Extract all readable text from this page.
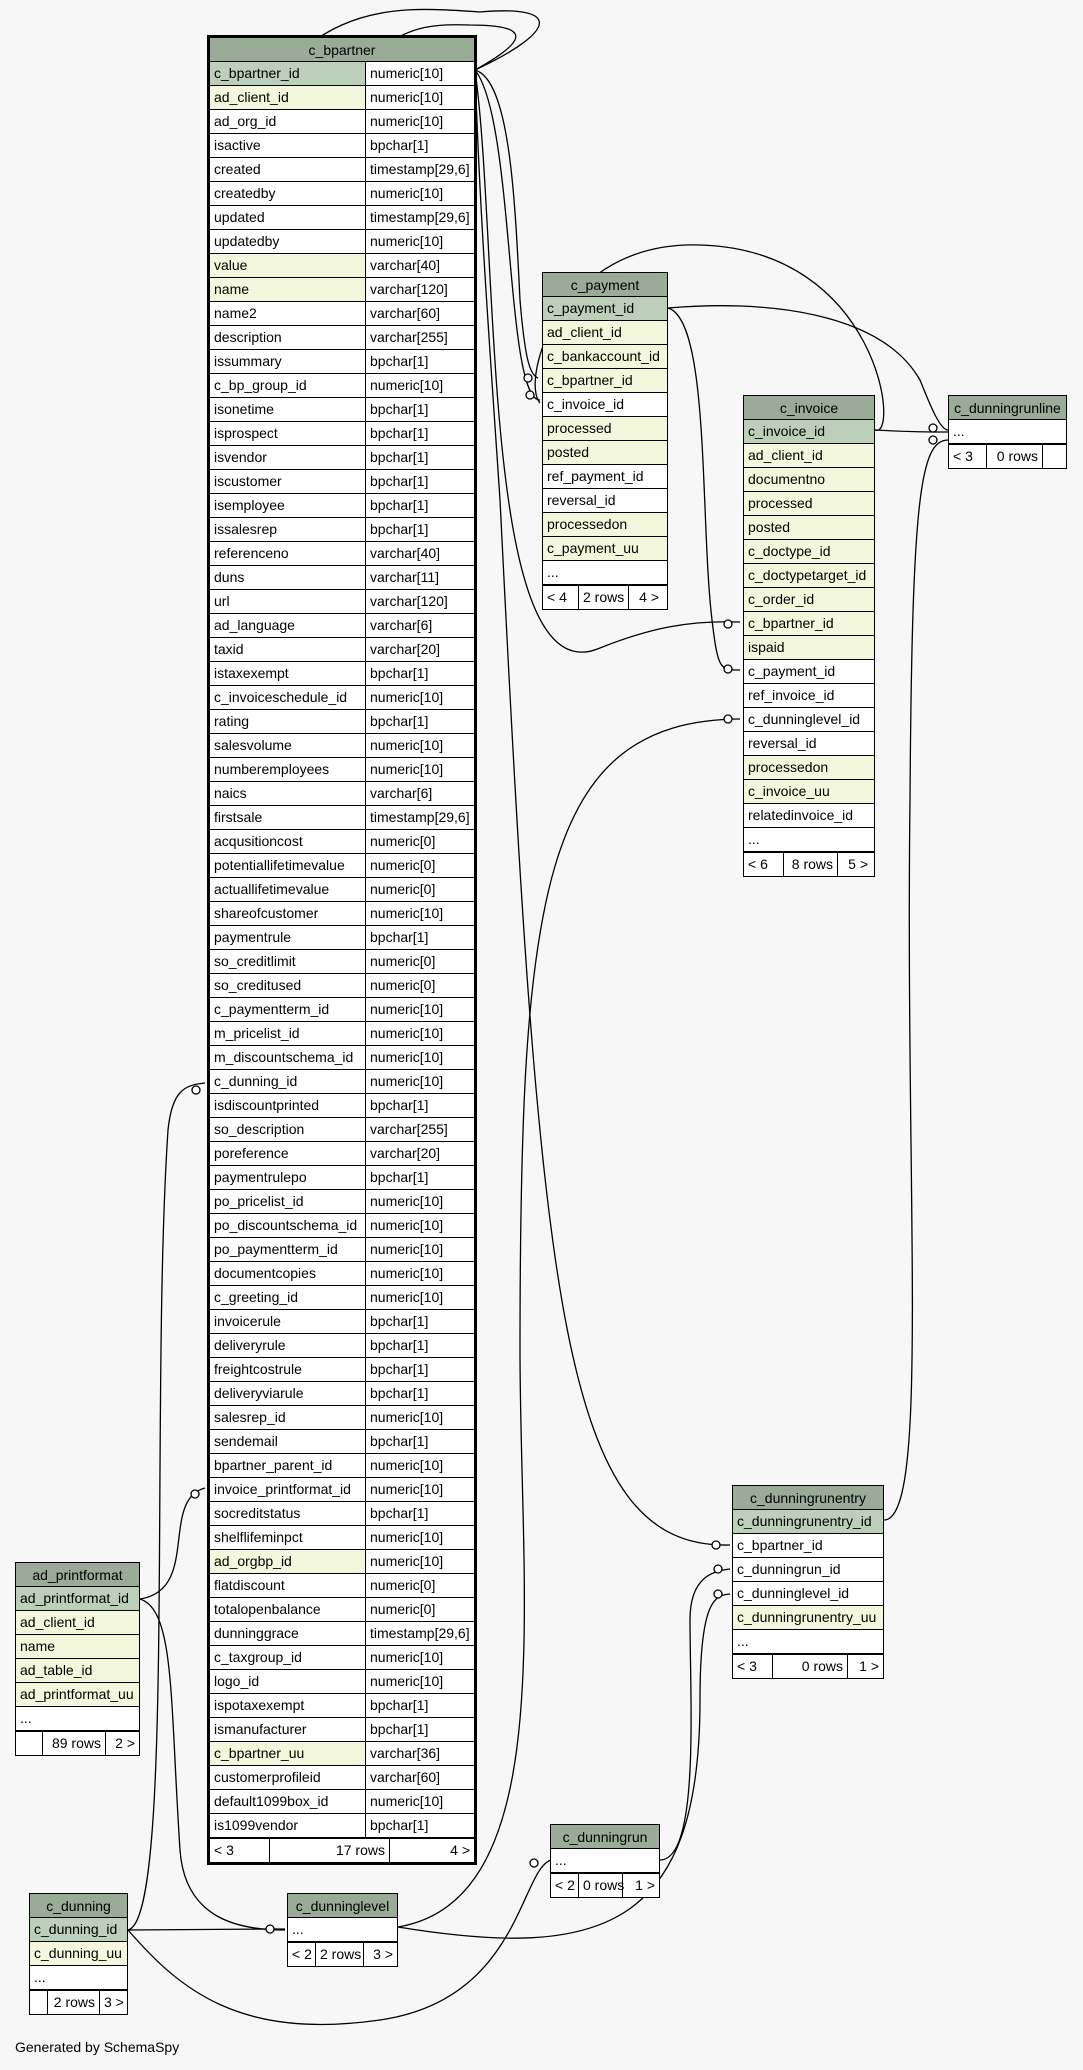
c_bpartner
c_bpartner_id	numeric[10]
ad_client_id	numeric[10]
ad_org_id	numeric[10]
isactive	bpchar[1]
created	timestamp[29,6]
createdby	numeric[10]
updated	timestamp[29,6]
updatedby	numeric[10]
value	varchar[40]
name	varchar[120]
name2	varchar[60]
description	varchar[255]
issummary	bpchar[1]
c_bp_group_id	numeric[10]
isonetime	bpchar[1]
isprospect	bpchar[1]
isvendor	bpchar[1]
iscustomer	bpchar[1]
isemployee	bpchar[1]
issalesrep	bpchar[1]
referenceno	varchar[40]
duns	varchar[11]
url	varchar[120]
ad_language	varchar[6]
taxid	varchar[20]
istaxexempt	bpchar[1]
c_invoiceschedule_id	numeric[10]
rating	bpchar[1]
salesvolume	numeric[10]
numberemployees	numeric[10]
naics	varchar[6]
firstsale	timestamp[29,6]
acqusitioncost	numeric[0]
potentiallifetimevalue	numeric[0]
actuallifetimevalue	numeric[0]
shareofcustomer	numeric[10]
paymentrule	bpchar[1]
so_creditlimit	numeric[0]
so_creditused	numeric[0]
c_paymentterm_id	numeric[10]
m_pricelist_id	numeric[10]
m_discountschema_id	numeric[10]
c_dunning_id	numeric[10]
isdiscountprinted	bpchar[1]
so_description	varchar[255]
poreference	varchar[20]
paymentrulepo	bpchar[1]
po_pricelist_id	numeric[10]
po_discountschema_id numeric[10]
po_paymentterm_id	numeric[10]
documentcopies	numeric[10]
c_greeting_id	numeric[10]
invoicerule	bpchar[1]
deliveryrule	bpchar[1]
freightcostrule	bpchar[1]
deliveryviarule	bpchar[1]
salesrep_id	numeric[10]
sendemail	bpchar[1]
bpartner_parent_id	numeric[10]
invoice_printformat_id	numeric[10]
socreditstatus	bpchar[1]
shelflifeminpct	numeric[10]
ad_orgbp_id	numeric[10]
flatdiscount	numeric[0]
totalopenbalance	numeric[0]
dunninggrace	timestamp[29,6]
c_taxgroup_id	numeric[10]
logo_id	numeric[10]
ispotaxexempt	bpchar[1]
ismanufacturer	bpchar[1]
c_bpartner_uu	varchar[36]
customerprofileid	varchar[60]
default1099box_id	numeric[10]
is1099vendor	bpchar[1]
< 3	17 rows	4 >
c_payment
c_payment_id
ad_client_id
c_bankaccount_id
c_bpartner_id
c_invoice_id
processed
posted
ref_payment_id
reversal_id
processedon
c_payment_uu
...
< 4	2 rows	4 >
c_invoice
c_invoice_id
ad_client_id
documentno
processed
posted
c_doctype_id
c_doctypetarget_id
c_order_id
c_bpartner_id
ispaid
c_payment_id
ref_invoice_id
c_dunninglevel_id
reversal_id
processedon
c_invoice_uu
relatedinvoice_id
...
< 6	8 rows	5 >
c_dunningrunline
...
< 3	0 rows
c_dunningrunentry
c_dunningrunentry_id
c_bpartner_id
c_dunningrun_id
c_dunninglevel_id
c_dunningrunentry_uu
...
< 3	0 rows	1 >
ad_printformat
ad_printformat_id
ad_client_id
name
ad_table_id
ad_printformat_uu
...
89 rows	2 >
c_dunningrun
...
< 2 0 rows 1 >
c_dunninglevel
...
< 2 2 rows 3 >
c_dunning
c_dunning_id
c_dunning_uu
...
2 rows 3 >
Generated by SchemaSpy
